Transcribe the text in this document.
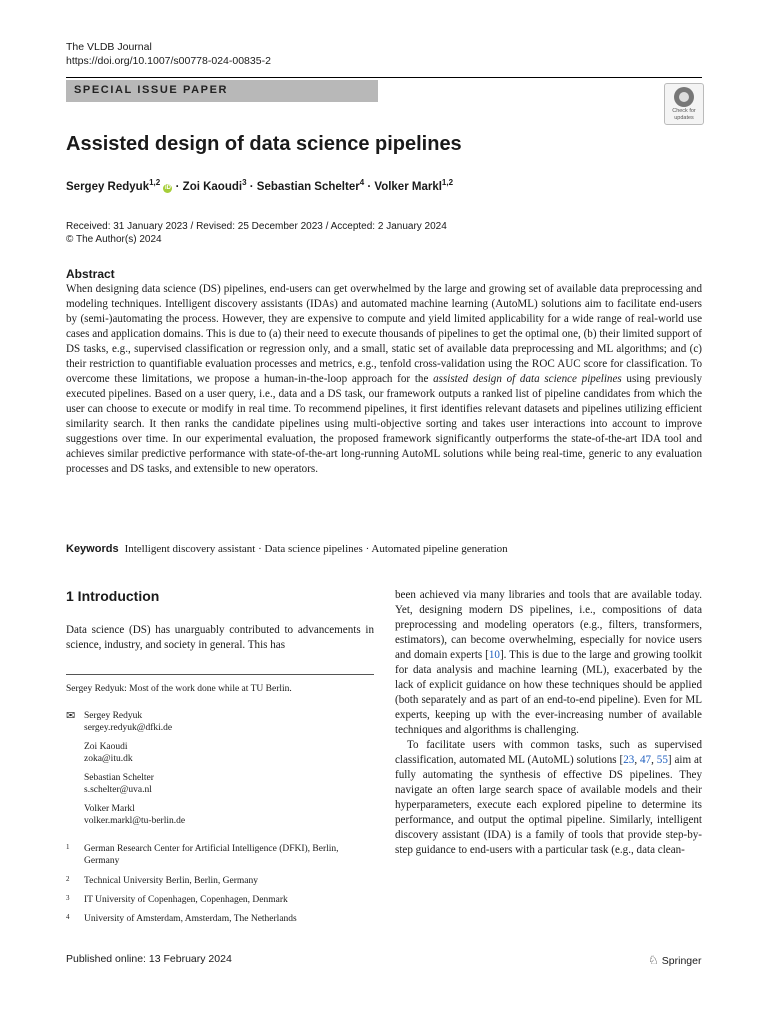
The VLDB Journal
https://doi.org/10.1007/s00778-024-00835-2
SPECIAL ISSUE PAPER
Check for
updates
Assisted design of data science pipelines
Sergey Redyuk$^{1,2}$ iD · Zoi Kaoudi$^3$ · Sebastian Schelter$^4$ · Volker Markl$^{1,2}$
Received: 31 January 2023 / Revised: 25 December 2023 / Accepted: 2 January 2024
© The Author(s) 2024
Abstract
When designing data science (DS) pipelines, end-users can get overwhelmed by the large and growing set of available data preprocessing and modeling techniques. Intelligent discovery assistants (IDAs) and automated machine learning (AutoML) solutions aim to facilitate end-users by (semi-)automating the process. However, they are expensive to compute and yield limited applicability for a wide range of real-world use cases and application domains. This is due to (a) their need to execute thousands of pipelines to get the optimal one, (b) their limited support of DS tasks, e.g., supervised classification or regression only, and a small, static set of available data preprocessing and ML algorithms; and (c) their restriction to quantifiable evaluation processes and metrics, e.g., tenfold cross-validation using the ROC AUC score for classification. To overcome these limitations, we propose a human-in-the-loop approach for the assisted design of data science pipelines using previously executed pipelines. Based on a user query, i.e., data and a DS task, our framework outputs a ranked list of pipeline candidates from which the user can choose to execute or modify in real time. To recommend pipelines, it first identifies relevant datasets and pipelines utilizing efficient similarity search. It then ranks the candidate pipelines using multi-objective sorting and takes user interactions into account to improve suggestions over time. In our experimental evaluation, the proposed framework significantly outperforms the state-of-the-art IDA tool and achieves similar predictive performance with state-of-the-art long-running AutoML solutions while being real-time, generic to any evaluation processes and DS tasks, and extensible to new operators.
Keywords Intelligent discovery assistant · Data science pipelines · Automated pipeline generation
1 Introduction
Data science (DS) has unarguably contributed to advancements in science, industry, and society in general. This has
Sergey Redyuk: Most of the work done while at TU Berlin.
✉ Sergey Redyuk
sergey.redyuk@dfki.de
Zoi Kaoudi
zoka@itu.dk
Sebastian Schelter
s.schelter@uva.nl
Volker Markl
volker.markl@tu-berlin.de
1 German Research Center for Artificial Intelligence (DFKI), Berlin, Germany
2 Technical University Berlin, Berlin, Germany
3 IT University of Copenhagen, Copenhagen, Denmark
4 University of Amsterdam, Amsterdam, The Netherlands

been achieved via many libraries and tools that are available today. Yet, designing modern DS pipelines, i.e., compositions of data preprocessing and modeling operators (e.g., filters, transformers, estimators), can become overwhelming, especially for novice users and domain experts [10]. This is due to the large and growing toolkit for data analysis and machine learning (ML), exacerbated by the lack of explicit guidance on how these techniques should be applied (both separately and as part of an end-to-end pipeline). Even for ML experts, keeping up with the ever-increasing number of available techniques and algorithms is challenging.

To facilitate users with common tasks, such as supervised classification, automated ML (AutoML) solutions [23, 47, 55] aim at fully automating the synthesis of effective DS pipelines. They navigate an often large search space of available models and their hyperparameters, execute each explored pipeline to determine its performance, and output the optimal pipeline. Similarly, intelligent discovery assistant (IDA) is a family of tools that provide step-by-step guidance to end-users with a particular task (e.g., data clean-

Published online: 13 February 2024	♘ Springer
